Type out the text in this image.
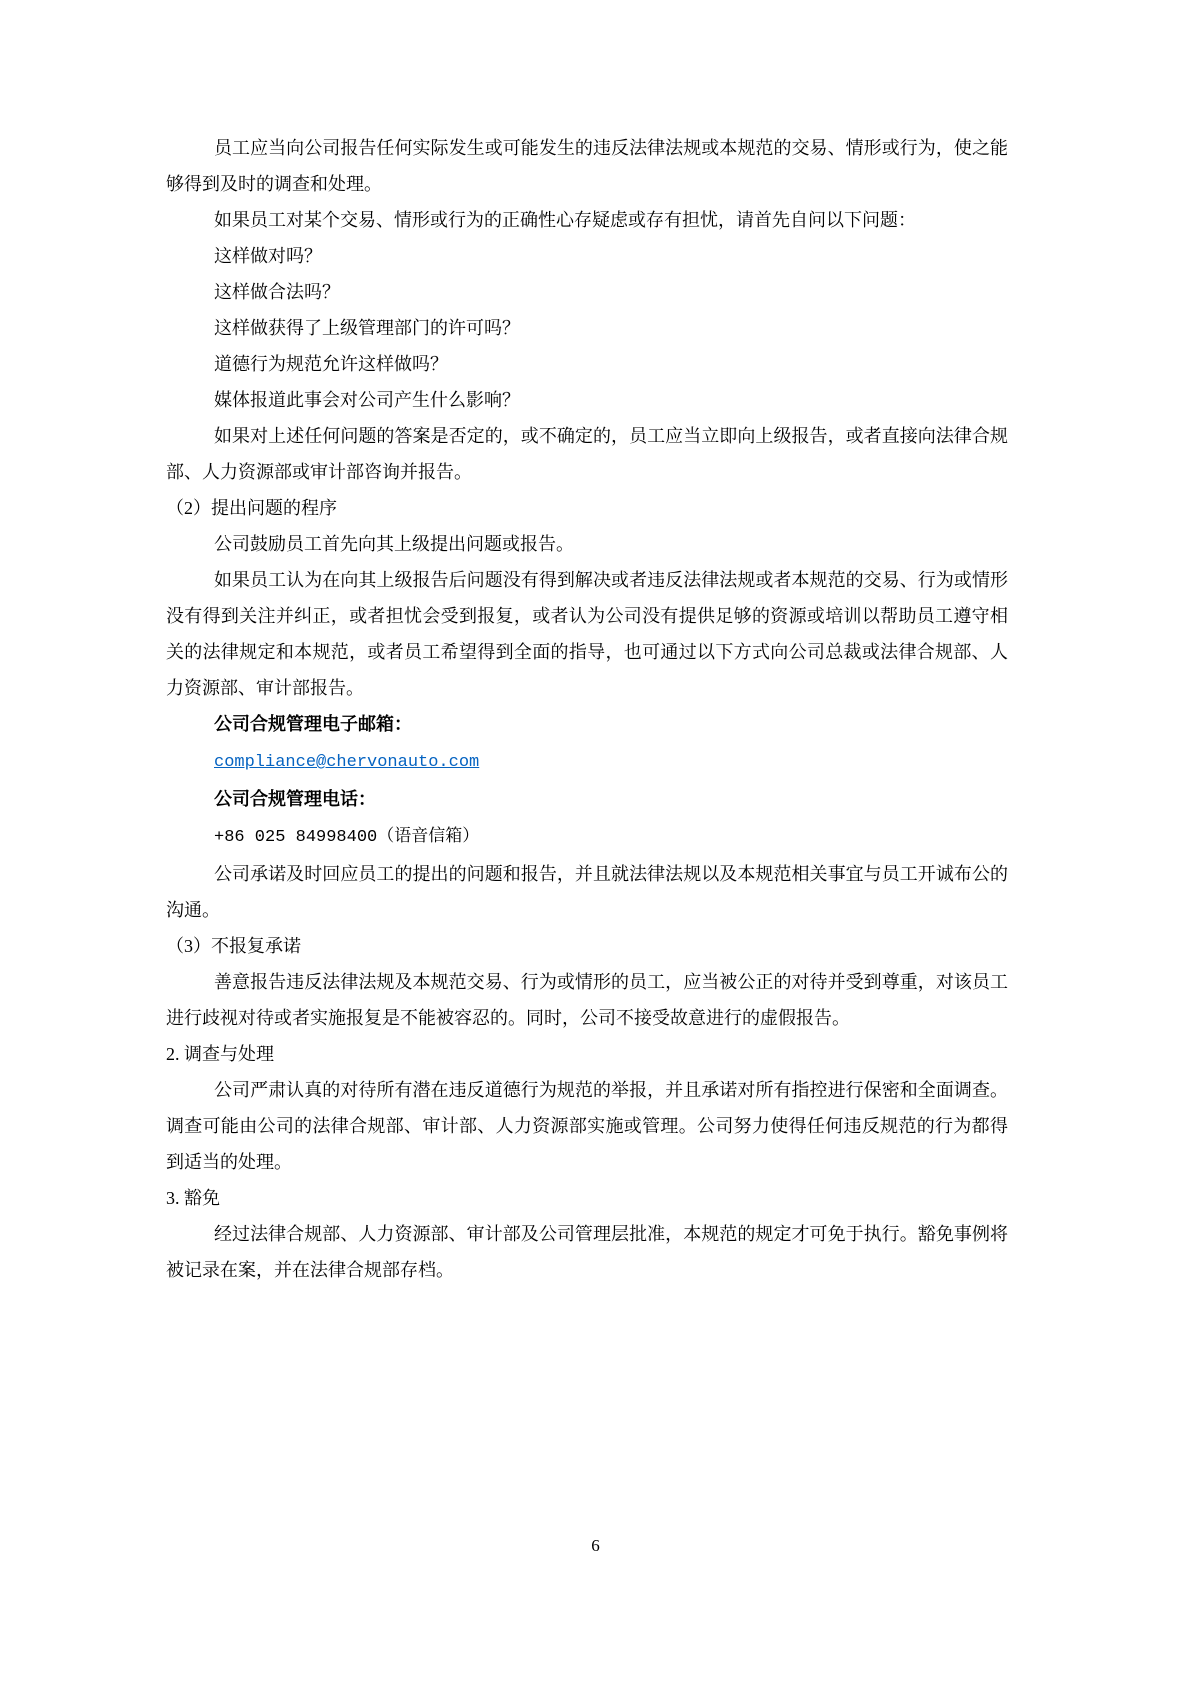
员工应当向公司报告任何实际发生或可能发生的违反法律法规或本规范的交易、情形或行为，使之能够得到及时的调查和处理。
如果员工对某个交易、情形或行为的正确性心存疑虑或存有担忧，请首先自问以下问题：
这样做对吗？
这样做合法吗？
这样做获得了上级管理部门的许可吗？
道德行为规范允许这样做吗？
媒体报道此事会对公司产生什么影响？
如果对上述任何问题的答案是否定的，或不确定的，员工应当立即向上级报告，或者直接向法律合规部、人力资源部或审计部咨询并报告。
（2）提出问题的程序
公司鼓励员工首先向其上级提出问题或报告。
如果员工认为在向其上级报告后问题没有得到解决或者违反法律法规或者本规范的交易、行为或情形没有得到关注并纠正，或者担忧会受到报复，或者认为公司没有提供足够的资源或培训以帮助员工遵守相关的法律规定和本规范，或者员工希望得到全面的指导，也可通过以下方式向公司总裁或法律合规部、人力资源部、审计部报告。
公司合规管理电子邮箱：
compliance@chervonauto.com
公司合规管理电话：
+86 025 84998400（语音信箱）
公司承诺及时回应员工的提出的问题和报告，并且就法律法规以及本规范相关事宜与员工开诚布公的沟通。
（3）不报复承诺
善意报告违反法律法规及本规范交易、行为或情形的员工，应当被公正的对待并受到尊重，对该员工进行歧视对待或者实施报复是不能被容忍的。同时，公司不接受故意进行的虚假报告。
2. 调查与处理
公司严肃认真的对待所有潜在违反道德行为规范的举报，并且承诺对所有指控进行保密和全面调查。调查可能由公司的法律合规部、审计部、人力资源部实施或管理。公司努力使得任何违反规范的行为都得到适当的处理。
3. 豁免
经过法律合规部、人力资源部、审计部及公司管理层批准，本规范的规定才可免于执行。豁免事例将被记录在案，并在法律合规部存档。
6
